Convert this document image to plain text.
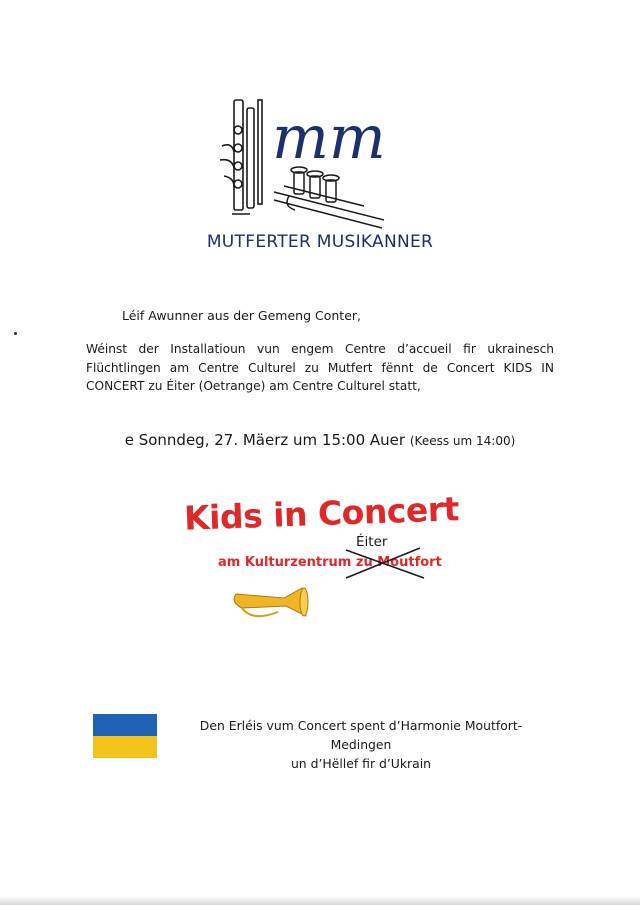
mm
MUTFERTER MUSIKANNER
Léif Awunner aus der Gemeng Conter,
Wéinst der Installatioun vun engem Centre d’accueil fir ukrainesch Flüchtlingen am Centre Culturel zu Mutfert fënnt de Concert KIDS IN CONCERT zu Éiter (Oetrange) am Centre Culturel statt,
e Sonndeg, 27. Mäerz um 15:00 Auer (Keess um 14:00)
Kids in Concert
am Kulturzentrum zu Moutfort
Éiter
Den Erléis vum Concert spent d’Harmonie Moutfort-Medingen
un d’Hëllef fir d’Ukrain
